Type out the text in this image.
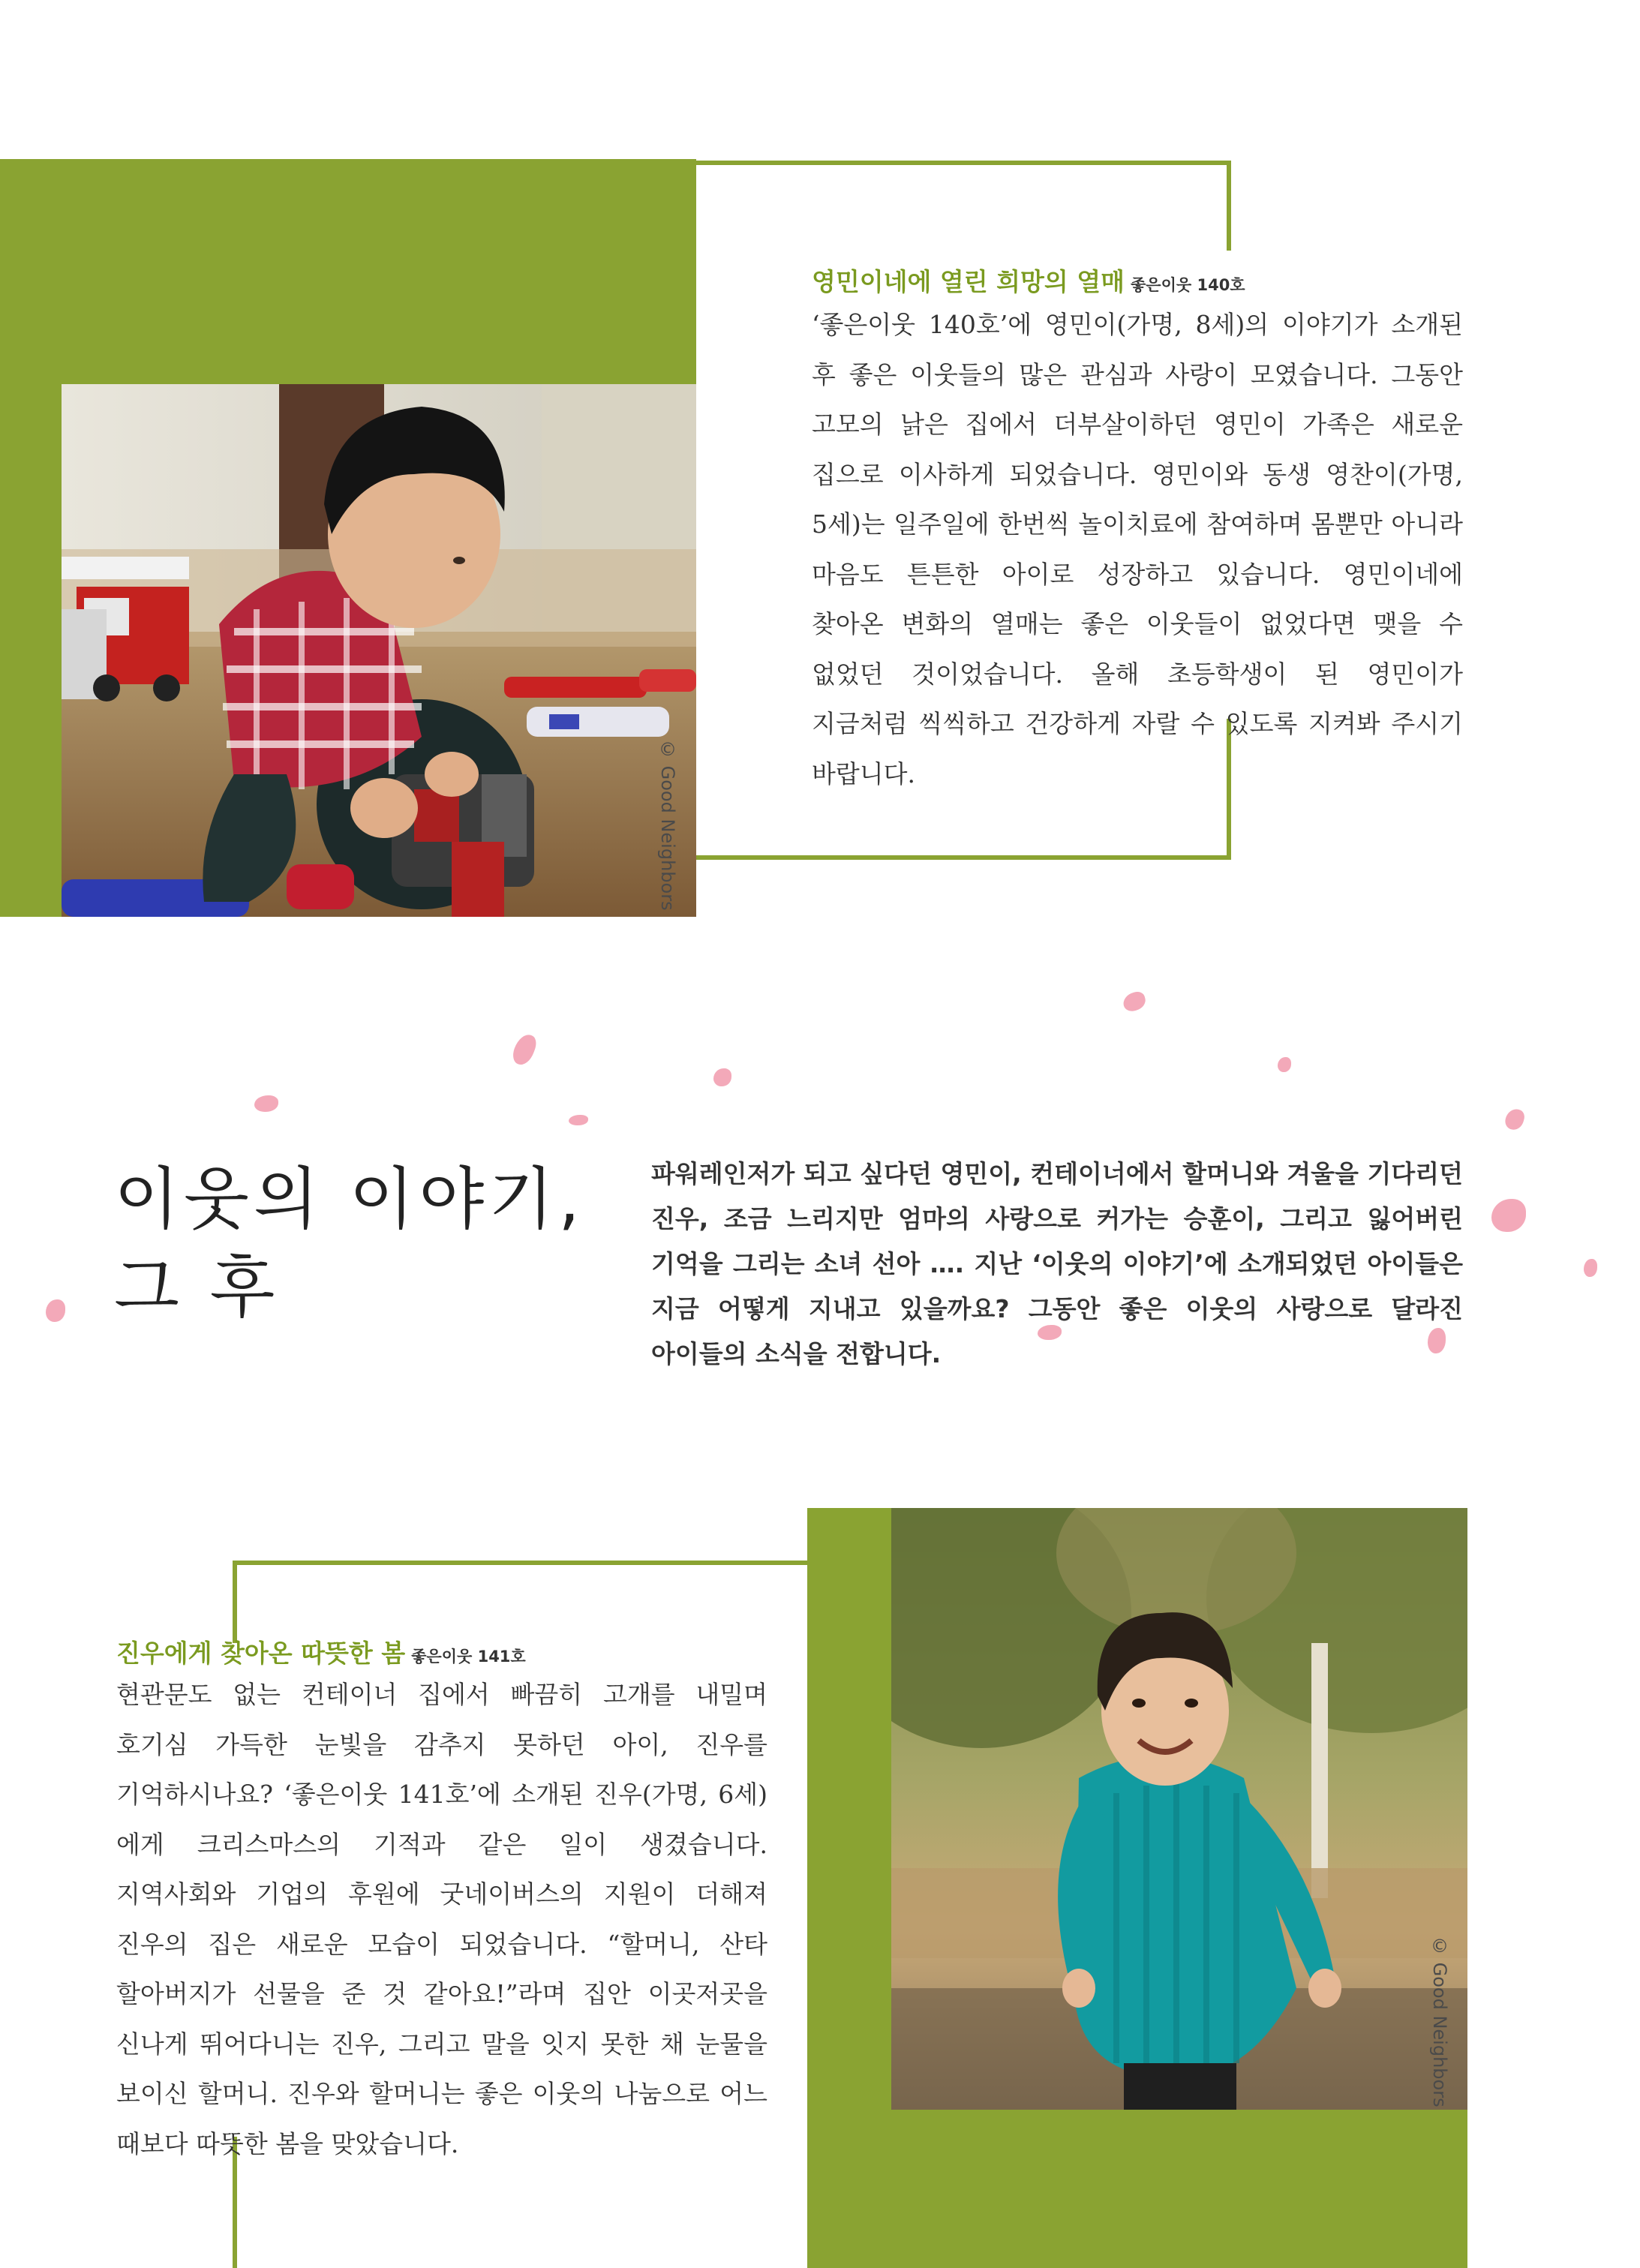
© Good Neighbors
영민이네에 열린 희망의 열매 좋은이웃 140호
‘좋은이웃 140호’에 영민이(가명, 8세)의 이야기가 소개된 후 좋은 이웃들의 많은 관심과 사랑이 모였습니다. 그동안 고모의 낡은 집에서 더부살이하던 영민이 가족은 새로운 집으로 이사하게 되었습니다. 영민이와 동생 영찬이(가명, 5세)는 일주일에 한번씩 놀이치료에 참여하며 몸뿐만 아니라 마음도 튼튼한 아이로 성장하고 있습니다. 영민이네에 찾아온 변화의 열매는 좋은 이웃들이 없었다면 맺을 수 없었던 것이었습니다. 올해 초등학생이 된 영민이가 지금처럼 씩씩하고 건강하게 자랄 수 있도록 지켜봐 주시기 바랍니다.
이웃의 이야기,
그 후
파워레인저가 되고 싶다던 영민이, 컨테이너에서 할머니와 겨울을 기다리던 진우, 조금 느리지만 엄마의 사랑으로 커가는 승훈이, 그리고 잃어버린 기억을 그리는 소녀 선아 …. 지난 ‘이웃의 이야기’에 소개되었던 아이들은 지금 어떻게 지내고 있을까요? 그동안 좋은 이웃의 사랑으로 달라진 아이들의 소식을 전합니다.
© Good Neighbors
진우에게 찾아온 따뜻한 봄 좋은이웃 141호
현관문도 없는 컨테이너 집에서 빠끔히 고개를 내밀며 호기심 가득한 눈빛을 감추지 못하던 아이, 진우를 기억하시나요? ‘좋은이웃 141호’에 소개된 진우(가명, 6세)에게 크리스마스의 기적과 같은 일이 생겼습니다. 지역사회와 기업의 후원에 굿네이버스의 지원이 더해져 진우의 집은 새로운 모습이 되었습니다. “할머니, 산타 할아버지가 선물을 준 것 같아요!”라며 집안 이곳저곳을 신나게 뛰어다니는 진우, 그리고 말을 잇지 못한 채 눈물을 보이신 할머니. 진우와 할머니는 좋은 이웃의 나눔으로 어느 때보다 따뜻한 봄을 맞았습니다.
